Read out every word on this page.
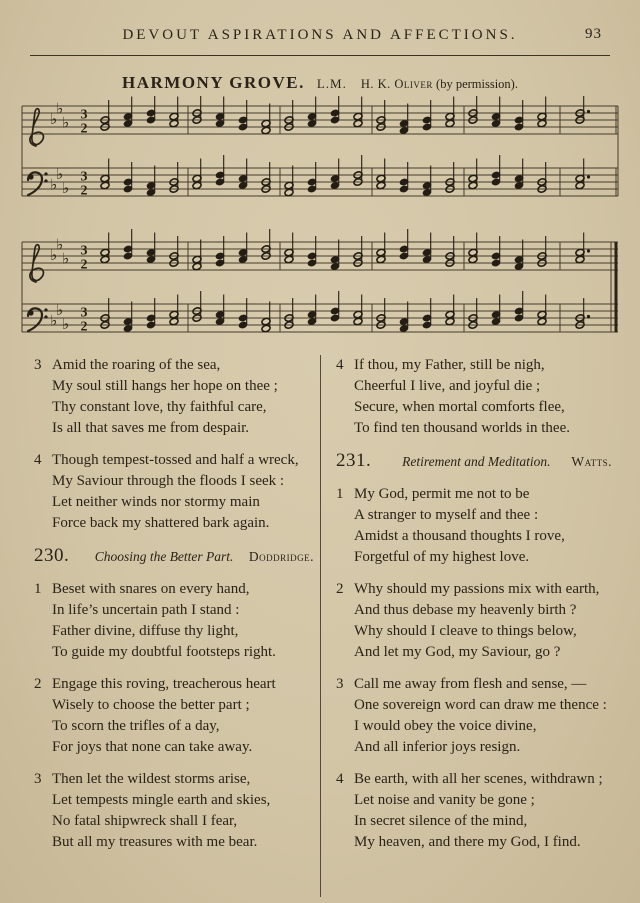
DEVOUT ASPIRATIONS AND AFFECTIONS.	93
HARMONY GROVE. L.M. H. K. Oliver (by permission).
♭
♭
♭ 3
2
♭
♭
♭
3
2
♭
♭
♭ 3
2
♭
♭
♭
3
2
3 Amid the roaring of the sea,
My soul still hangs her hope on thee ;
Thy constant love, thy faithful care,
Is all that saves me from despair.
4 Though tempest-tossed and half a wreck,
My Saviour through the floods I seek :
Let neither winds nor stormy main
Force back my shattered bark again.
230.	Choosing the Better Part.	Doddridge.
1 Beset with snares on every hand,
In life’s uncertain path I stand :
Father divine, diffuse thy light,
To guide my doubtful footsteps right.
2 Engage this roving, treacherous heart
Wisely to choose the better part ;
To scorn the trifles of a day,
For joys that none can take away.
3 Then let the wildest storms arise,
Let tempests mingle earth and skies,
No fatal shipwreck shall I fear,
But all my treasures with me bear.
4 If thou, my Father, still be nigh,
Cheerful I live, and joyful die ;
Secure, when mortal comforts flee,
To find ten thousand worlds in thee.
231.	Retirement and Meditation.	Watts.
1 My God, permit me not to be
A stranger to myself and thee :
Amidst a thousand thoughts I rove,
Forgetful of my highest love.
2 Why should my passions mix with earth,
And thus debase my heavenly birth ?
Why should I cleave to things below,
And let my God, my Saviour, go ?
3 Call me away from flesh and sense, —
One sovereign word can draw me thence :
I would obey the voice divine,
And all inferior joys resign.
4 Be earth, with all her scenes, withdrawn ;
Let noise and vanity be gone ;
In secret silence of the mind,
My heaven, and there my God, I find.
